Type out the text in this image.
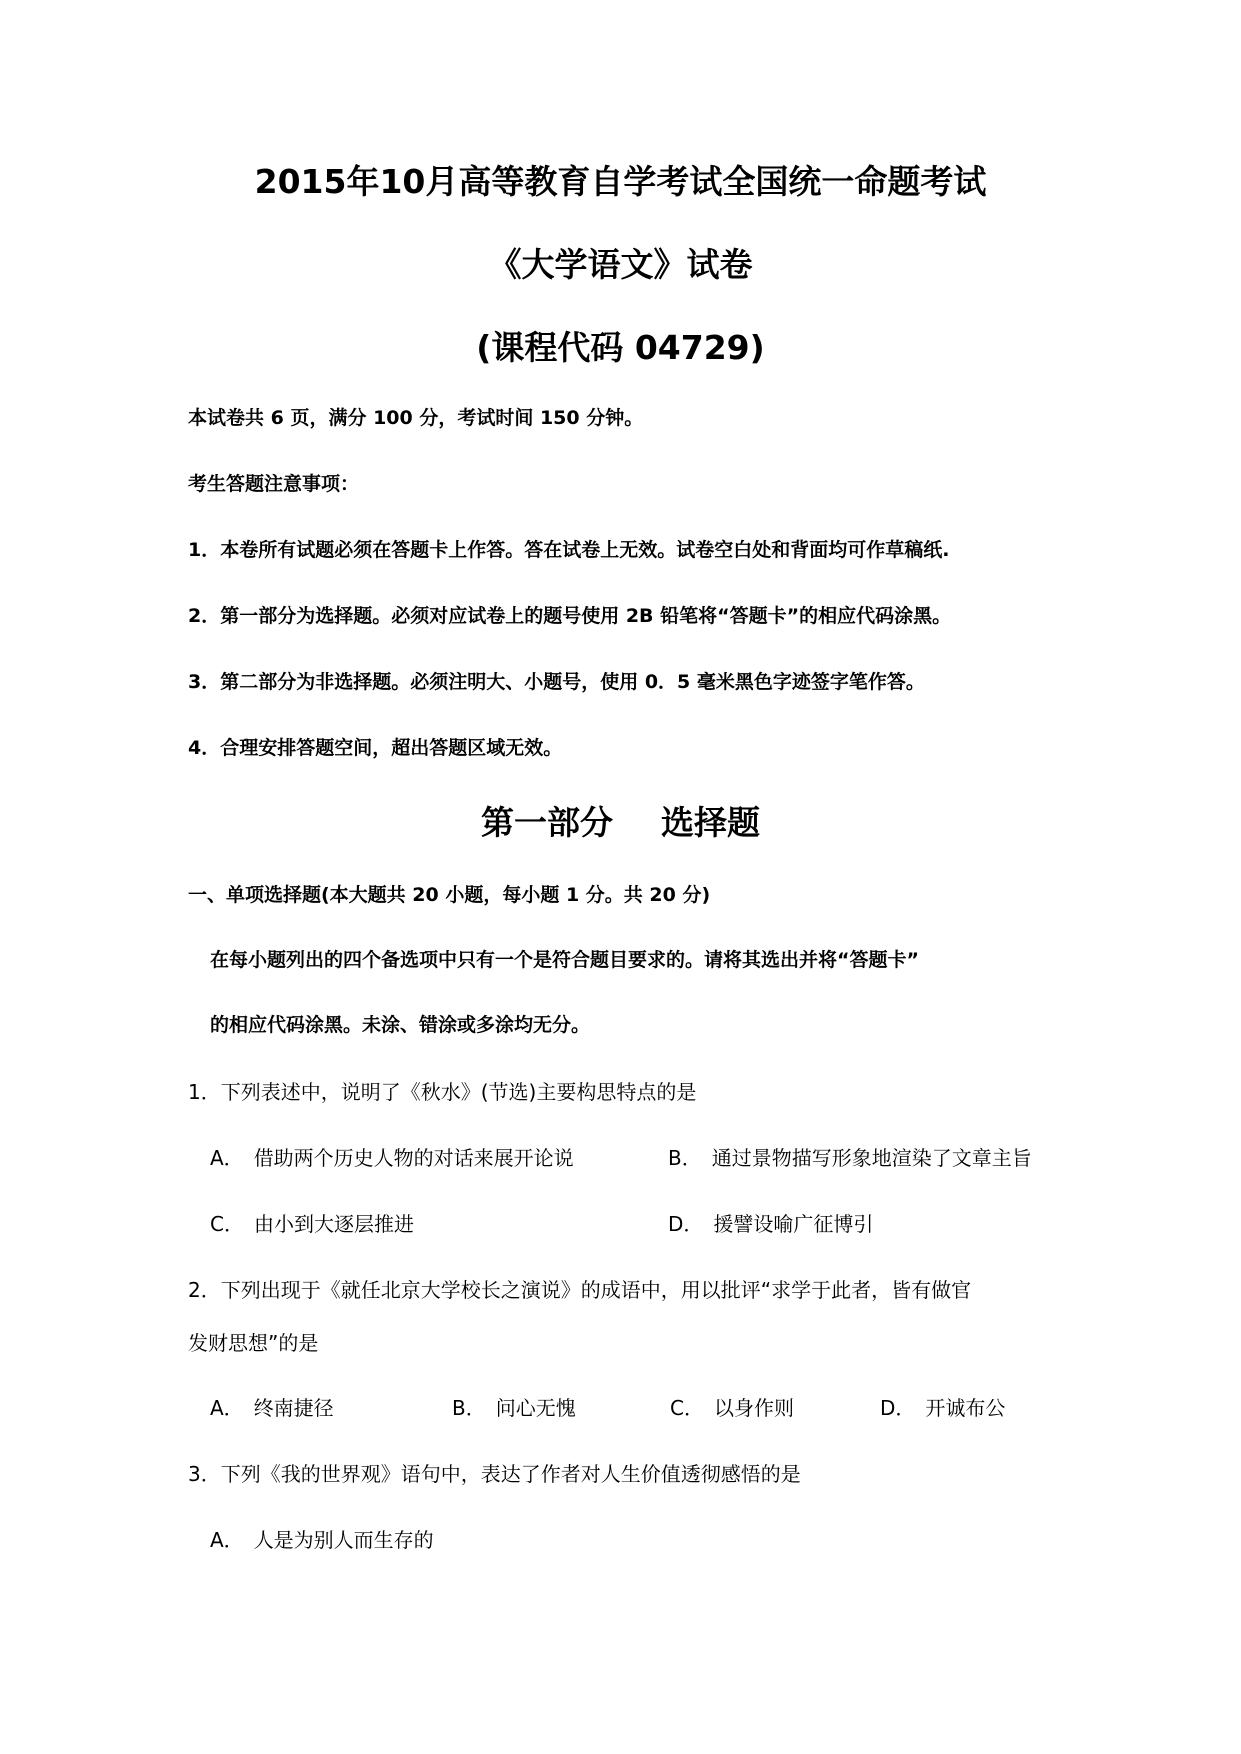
2015年10月高等教育自学考试全国统一命题考试
《大学语文》试卷
(课程代码 04729)
本试卷共 6 页，满分 100 分，考试时间 150 分钟。
考生答题注意事项：
1．本卷所有试题必须在答题卡上作答。答在试卷上无效。试卷空白处和背面均可作草稿纸.
2．第一部分为选择题。必须对应试卷上的题号使用 2B 铅笔将“答题卡”的相应代码涂黑。
3．第二部分为非选择题。必须注明大、小题号，使用 0．5 毫米黑色字迹签字笔作答。
4．合理安排答题空间，超出答题区域无效。
第一部分 选择题
一、单项选择题(本大题共 20 小题，每小题 1 分。共 20 分)
在每小题列出的四个备选项中只有一个是符合题目要求的。请将其选出并将“答题卡”
的相应代码涂黑。未涂、错涂或多涂均无分。
1．下列表述中，说明了《秋水》(节选)主要构思特点的是
A． 借助两个历史人物的对话来展开论说	B． 通过景物描写形象地渲染了文章主旨
C． 由小到大逐层推进	D． 援譬设喻广征博引
2．下列出现于《就任北京大学校长之演说》的成语中，用以批评“求学于此者，皆有做官
发财思想”的是
A． 终南捷径	B． 问心无愧	C． 以身作则	D． 开诚布公
3．下列《我的世界观》语句中，表达了作者对人生价值透彻感悟的是
A． 人是为别人而生存的
